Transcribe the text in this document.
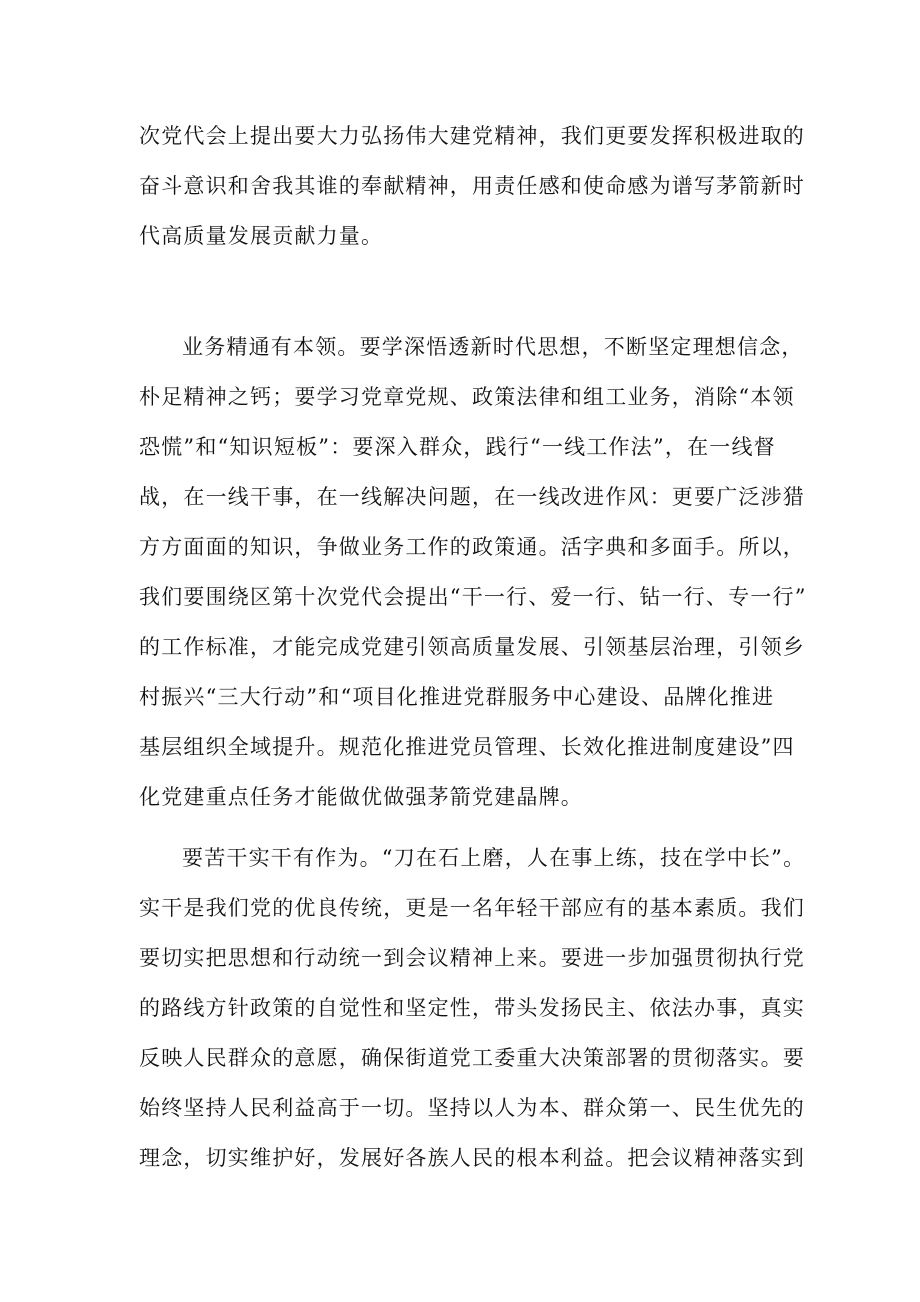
次党代会上提出要大力弘扬伟大建党精神，我们更要发挥积极进取的
奋斗意识和舍我其谁的奉献精神，用责任感和使命感为谱写茅箭新时
代高质量发展贡献力量。
业务精通有本领。要学深悟透新时代思想，不断坚定理想信念，
朴足精神之钙；要学习党章党规、政策法律和组工业务，消除“本领
恐慌”和“知识短板”：要深入群众，践行“一线工作法”，在一线督
战，在一线干事，在一线解决问题，在一线改进作风：更要广泛涉猎
方方面面的知识，争做业务工作的政策通。活字典和多面手。所以，
我们要围绕区第十次党代会提出“干一行、爱一行、钻一行、专一行”
的工作标准，才能完成党建引领高质量发展、引领基层治理，引领乡
村振兴“三大行动”和“项目化推进党群服务中心建设、品牌化推进
基层组织全域提升。规范化推进党员管理、长效化推进制度建设”四
化党建重点任务才能做优做强茅箭党建晶牌。
要苦干实干有作为。“刀在石上磨，人在事上练，技在学中长”。
实干是我们党的优良传统，更是一名年轻干部应有的基本素质。我们
要切实把思想和行动统一到会议精神上来。要进一步加强贯彻执行党
的路线方针政策的自觉性和坚定性，带头发扬民主、依法办事，真实
反映人民群众的意愿，确保街道党工委重大决策部署的贯彻落实。要
始终坚持人民利益高于一切。坚持以人为本、群众第一、民生优先的
理念，切实维护好，发展好各族人民的根本利益。把会议精神落实到
